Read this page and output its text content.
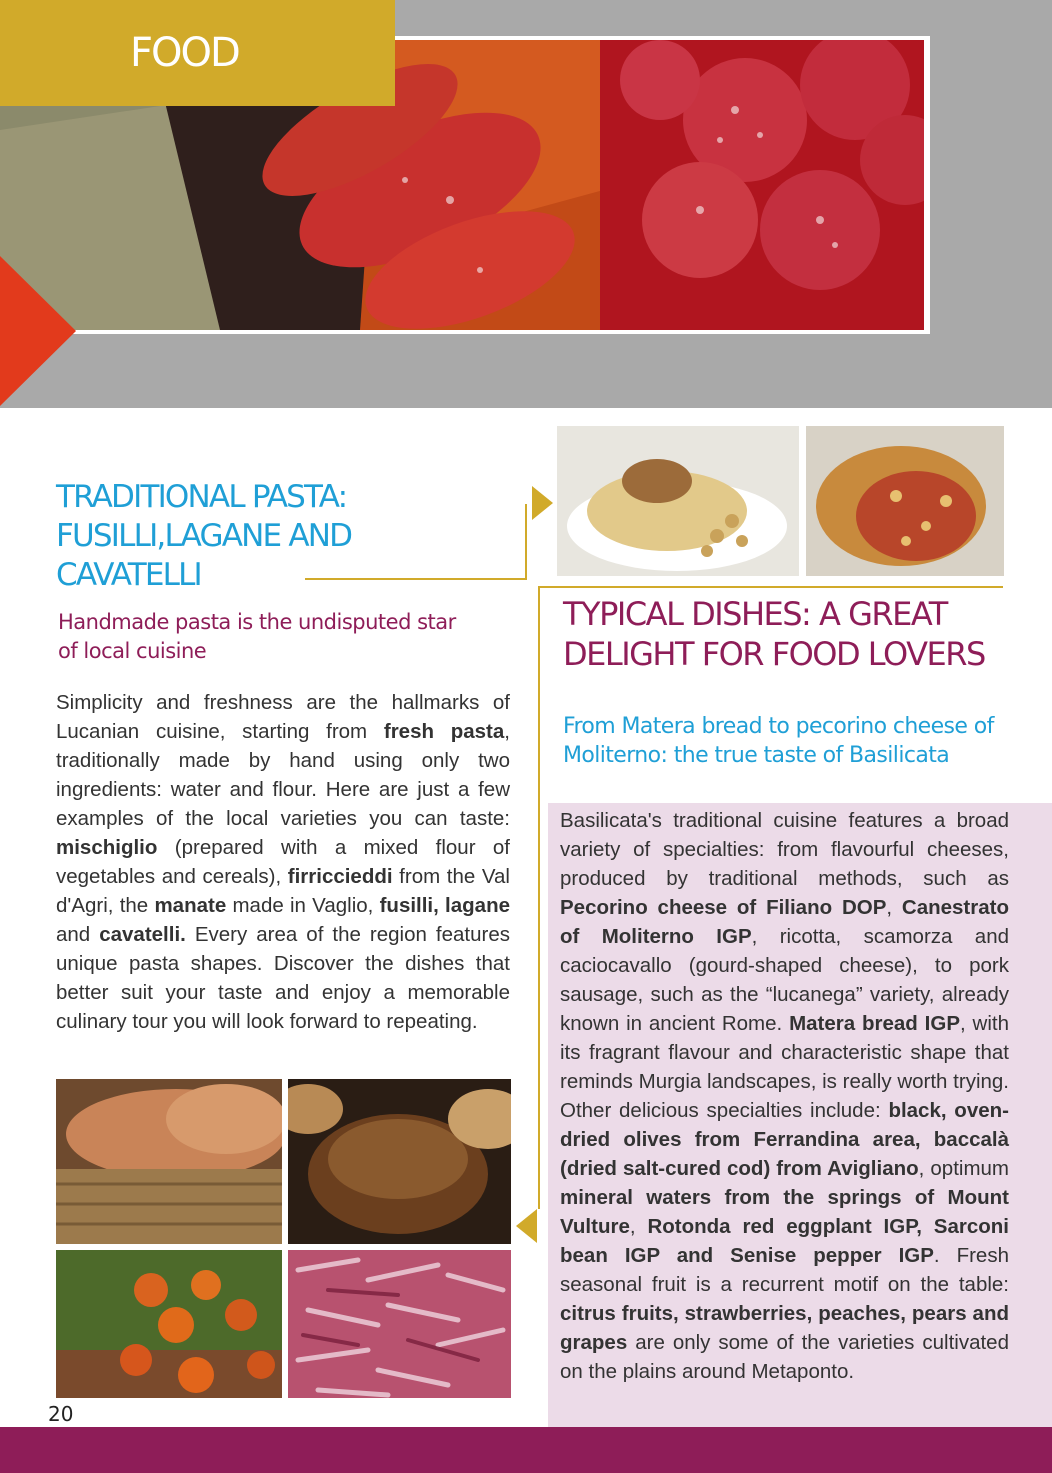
FOOD
TRADITIONAL PASTA: FUSILLI,LAGANE AND CAVATELLI

Handmade pasta is the undisputed star of local cuisine

Simplicity and freshness are the hallmarks of Lucanian cuisine, starting from fresh pasta, traditionally made by hand using only two ingredients: water and flour. Here are just a few examples of the local varieties you can taste: mischiglio (prepared with a mixed flour of vegetables and cereals), firriccieddi from the Val d'Agri, the manate made in Vaglio, fusilli, lagane and cavatelli. Every area of the region features unique pasta shapes. Discover the dishes that better suit your taste and enjoy a memorable culinary tour you will look forward to repeating.

TYPICAL DISHES: A GREAT DELIGHT FOR FOOD LOVERS

From Matera bread to pecorino cheese of Moliterno: the true taste of Basilicata

Basilicata's traditional cuisine features a broad variety of specialties: from flavourful cheeses, produced by traditional methods, such as Pecorino cheese of Filiano DOP, Canestrato of Moliterno IGP, ricotta, scamorza and caciocavallo (gourd-shaped cheese), to pork sausage, such as the “lucanega” variety, already known in ancient Rome. Matera bread IGP, with its fragrant flavour and characteristic shape that reminds Murgia landscapes, is really worth trying. Other delicious specialties include: black, oven-dried olives from Ferrandina area, baccalà (dried salt-cured cod) from Avigliano, optimum mineral waters from the springs of Mount Vulture, Rotonda red eggplant IGP, Sarconi bean IGP and Senise pepper IGP. Fresh seasonal fruit is a recurrent motif on the table: citrus fruits, strawberries, peaches, pears and grapes are only some of the varieties cultivated on the plains around Metaponto.

20
